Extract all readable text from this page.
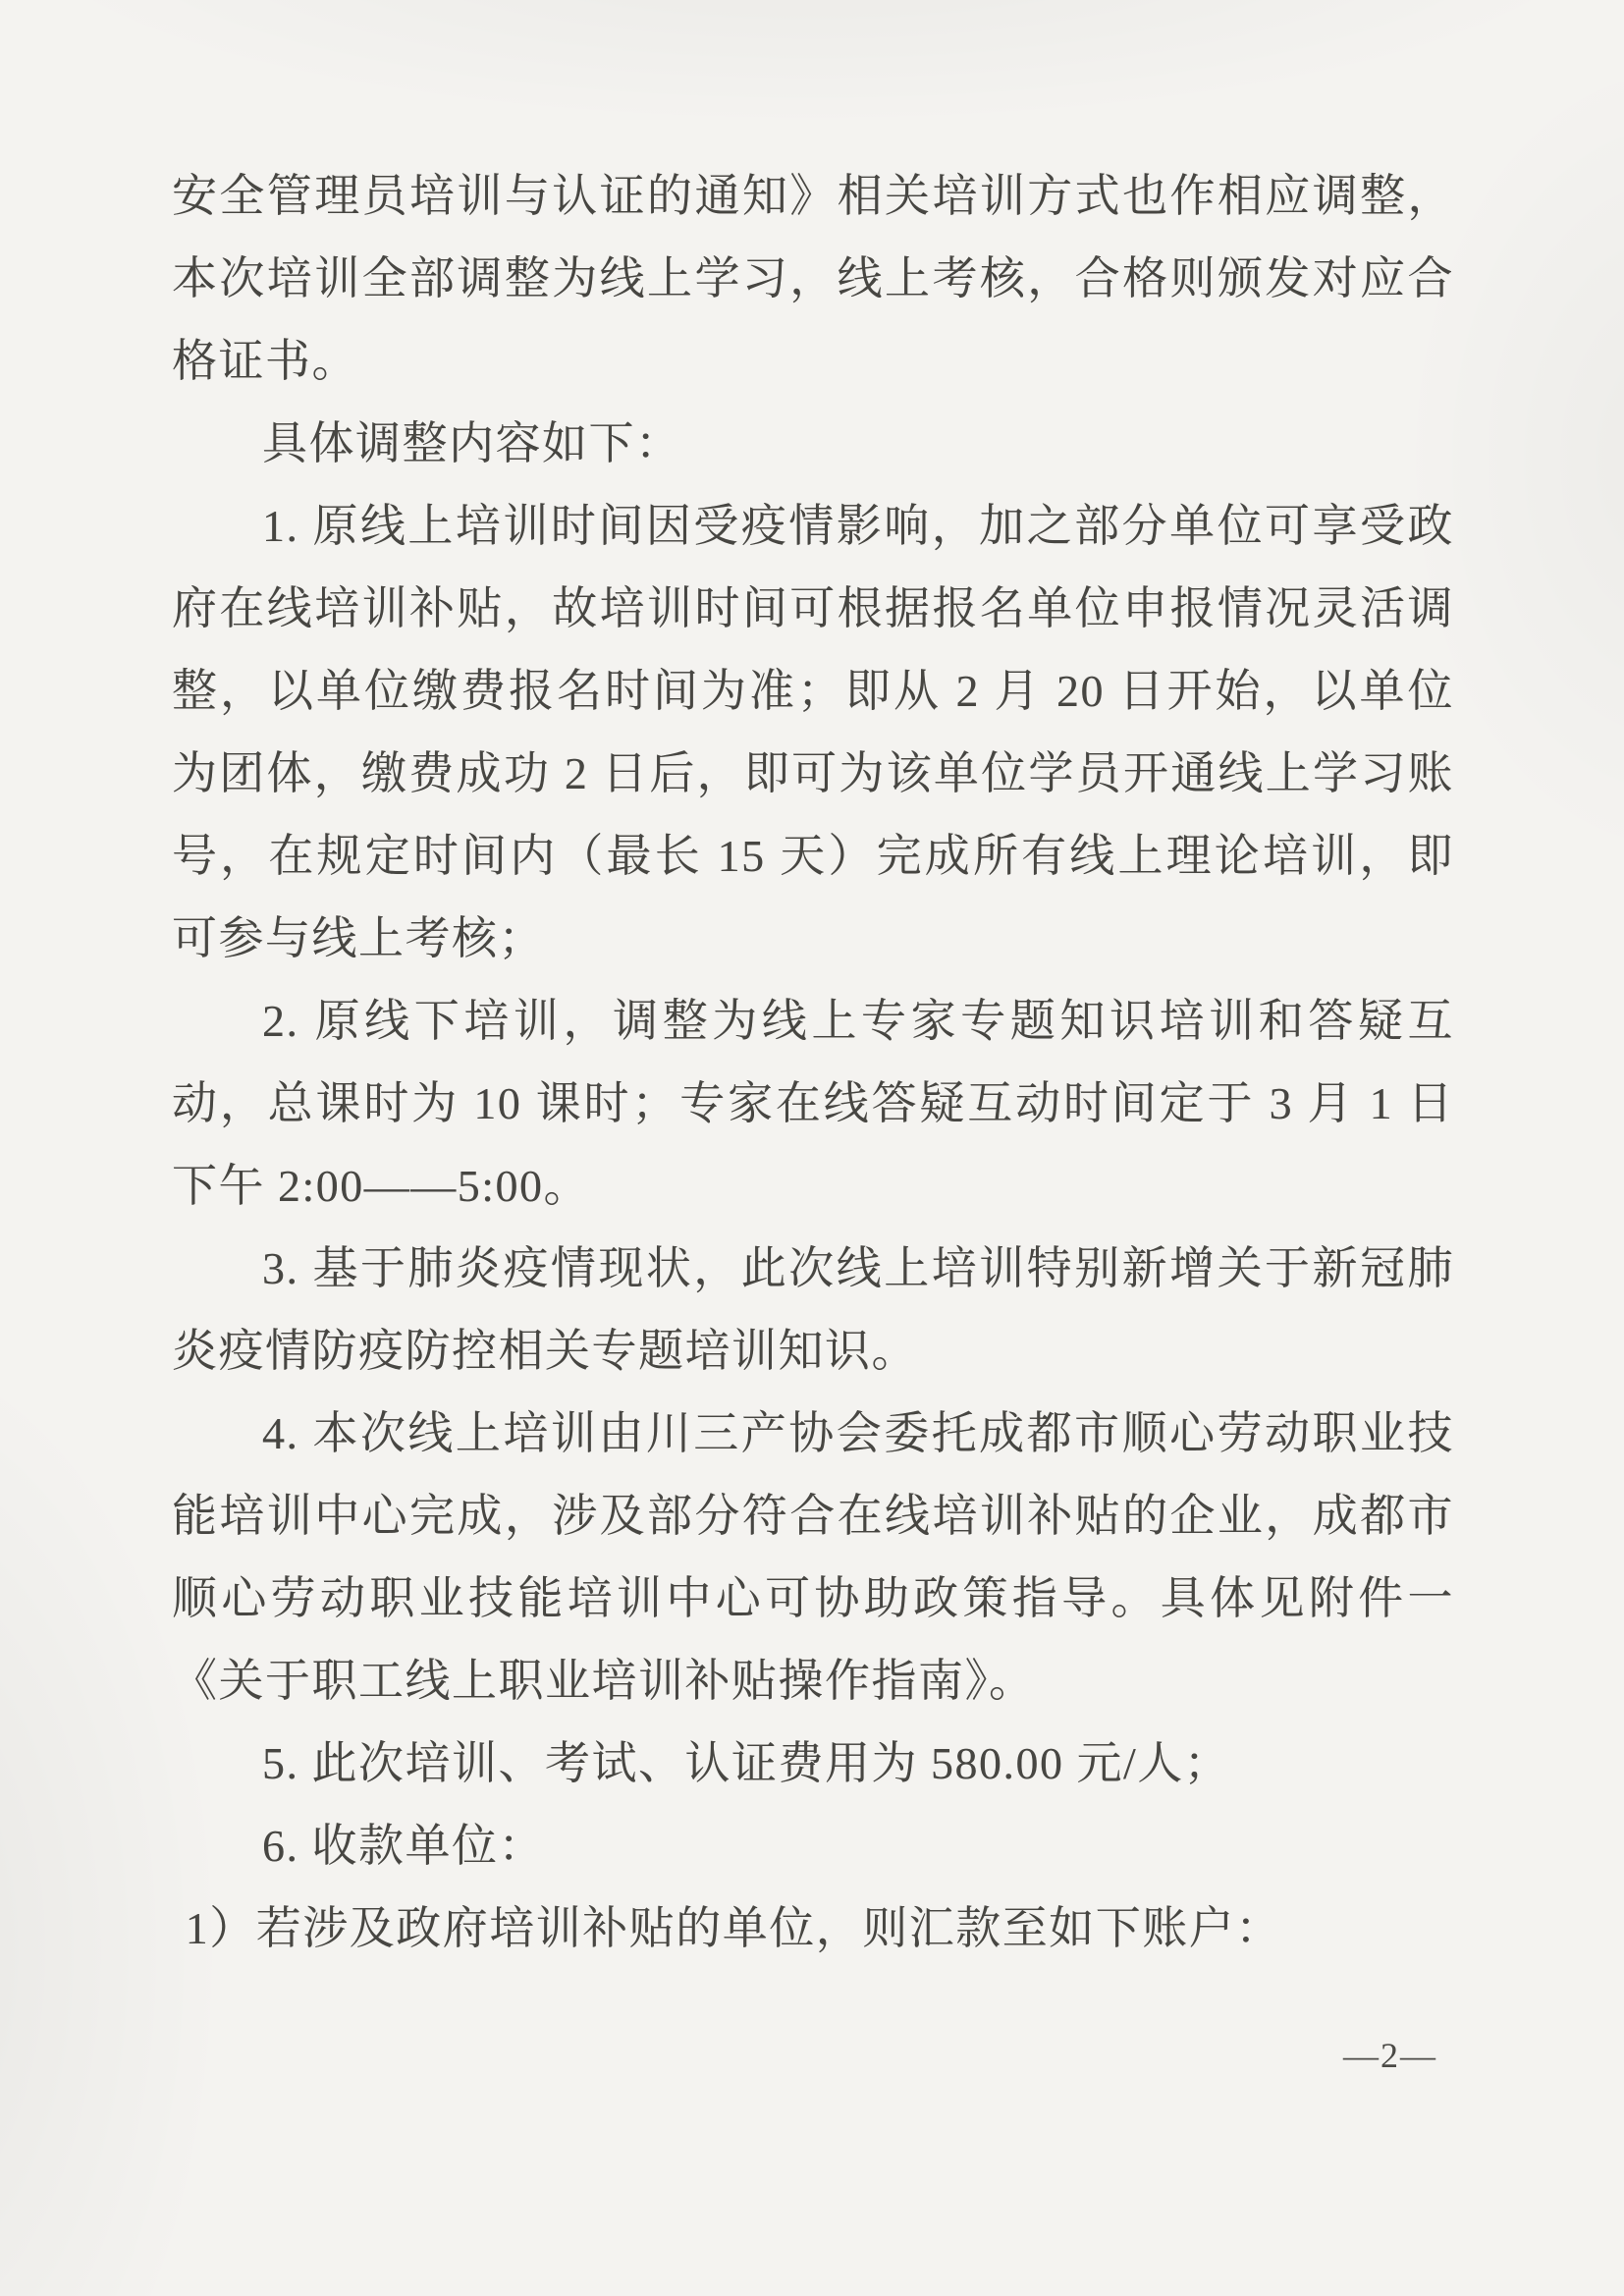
安全管理员培训与认证的通知》相关培训方式也作相应调整，本次培训全部调整为线上学习，线上考核，合格则颁发对应合格证书。

具体调整内容如下：

1. 原线上培训时间因受疫情影响，加之部分单位可享受政府在线培训补贴，故培训时间可根据报名单位申报情况灵活调整，以单位缴费报名时间为准；即从 2 月 20 日开始，以单位为团体，缴费成功 2 日后，即可为该单位学员开通线上学习账号，在规定时间内（最长 15 天）完成所有线上理论培训，即可参与线上考核；

2. 原线下培训，调整为线上专家专题知识培训和答疑互动，总课时为 10 课时；专家在线答疑互动时间定于 3 月 1 日下午 2:00——5:00。

3. 基于肺炎疫情现状，此次线上培训特别新增关于新冠肺炎疫情防疫防控相关专题培训知识。

4. 本次线上培训由川三产协会委托成都市顺心劳动职业技能培训中心完成，涉及部分符合在线培训补贴的企业，成都市顺心劳动职业技能培训中心可协助政策指导。具体见附件一《关于职工线上职业培训补贴操作指南》。

5. 此次培训、考试、认证费用为 580.00 元/人；

6. 收款单位：

1）若涉及政府培训补贴的单位，则汇款至如下账户：

—2—
